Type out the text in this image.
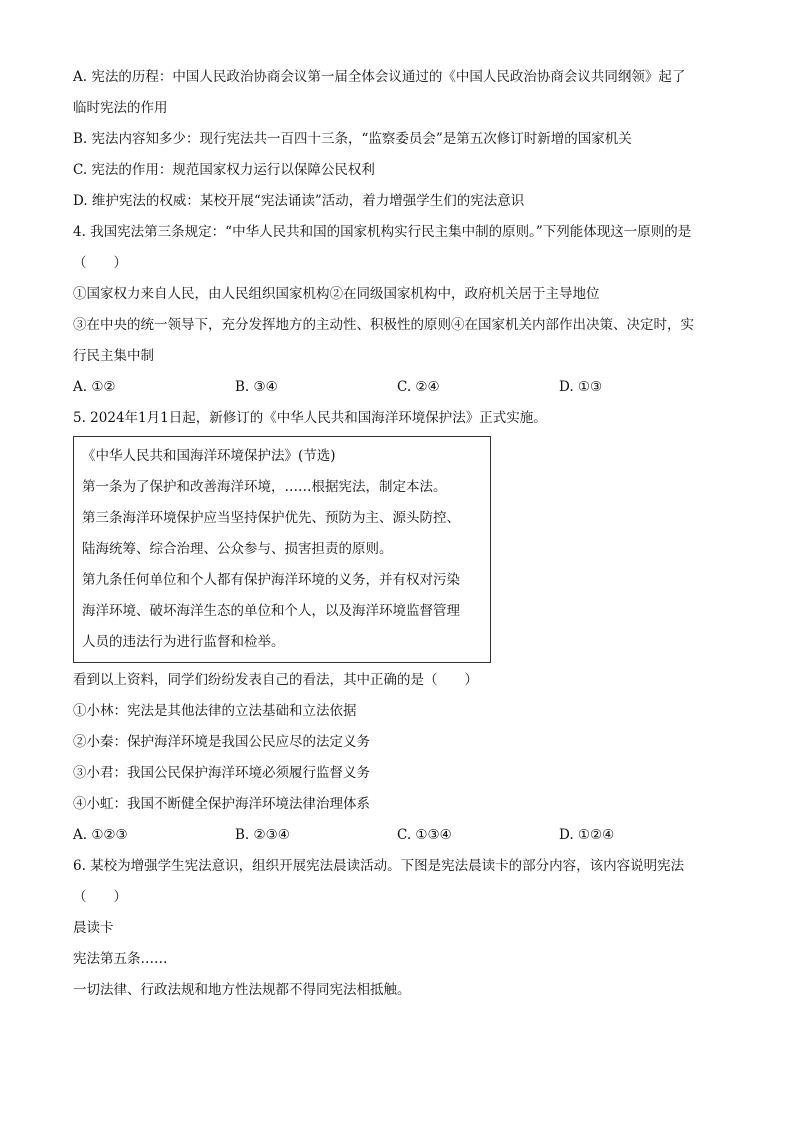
A. 宪法的历程：中国人民政治协商会议第一届全体会议通过的《中国人民政治协商会议共同纲领》起了
临时宪法的作用
B. 宪法内容知多少：现行宪法共一百四十三条，“监察委员会”是第五次修订时新增的国家机关
C. 宪法的作用：规范国家权力运行以保障公民权利
D. 维护宪法的权威：某校开展“宪法诵读”活动，着力增强学生们的宪法意识
4. 我国宪法第三条规定：“中华人民共和国的国家机构实行民主集中制的原则。”下列能体现这一原则的是
（　　）
①国家权力来自人民，由人民组织国家机构②在同级国家机构中，政府机关居于主导地位
③在中央的统一领导下，充分发挥地方的主动性、积极性的原则④在国家机关内部作出决策、决定时，实
行民主集中制
A. ①②	B. ③④	C. ②④	D. ①③
5. 2024年1月1日起，新修订的《中华人民共和国海洋环境保护法》正式实施。
《中华人民共和国海洋环境保护法》(节选)
第一条为了保护和改善海洋环境，……根据宪法，制定本法。
第三条海洋环境保护应当坚持保护优先、预防为主、源头防控、
陆海统筹、综合治理、公众参与、损害担责的原则。
第九条任何单位和个人都有保护海洋环境的义务，并有权对污染
海洋环境、破坏海洋生态的单位和个人，以及海洋环境监督管理
人员的违法行为进行监督和检举。
看到以上资料，同学们纷纷发表自己的看法，其中正确的是（　　）
①小林：宪法是其他法律的立法基础和立法依据
②小秦：保护海洋环境是我国公民应尽的法定义务
③小君：我国公民保护海洋环境必须履行监督义务
④小虹：我国不断健全保护海洋环境法律治理体系
A. ①②③	B. ②③④	C. ①③④	D. ①②④
6. 某校为增强学生宪法意识，组织开展宪法晨读活动。下图是宪法晨读卡的部分内容，该内容说明宪法
（　　）
晨读卡
宪法第五条……
一切法律、行政法规和地方性法规都不得同宪法相抵触。
